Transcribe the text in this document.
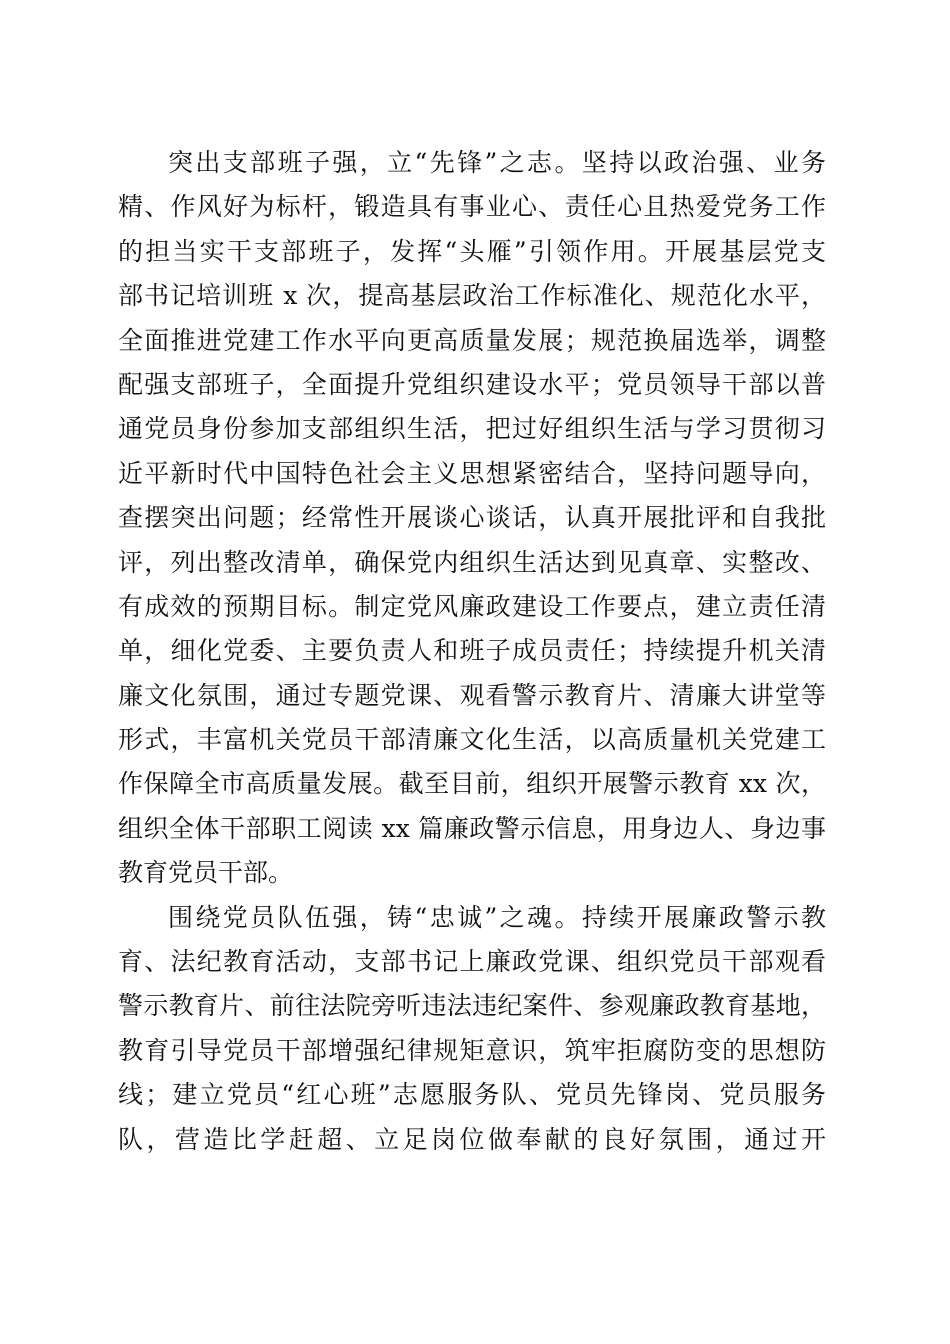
突出支部班子强，立“先锋”之志。坚持以政治强、业务
精、作风好为标杆，锻造具有事业心、责任心且热爱党务工作
的担当实干支部班子，发挥“头雁”引领作用。开展基层党支
部书记培训班 x 次，提高基层政治工作标准化、规范化水平，
全面推进党建工作水平向更高质量发展；规范换届选举，调整
配强支部班子，全面提升党组织建设水平；党员领导干部以普
通党员身份参加支部组织生活，把过好组织生活与学习贯彻习
近平新时代中国特色社会主义思想紧密结合，坚持问题导向，
查摆突出问题；经常性开展谈心谈话，认真开展批评和自我批
评，列出整改清单，确保党内组织生活达到见真章、实整改、
有成效的预期目标。制定党风廉政建设工作要点，建立责任清
单，细化党委、主要负责人和班子成员责任；持续提升机关清
廉文化氛围，通过专题党课、观看警示教育片、清廉大讲堂等
形式，丰富机关党员干部清廉文化生活，以高质量机关党建工
作保障全市高质量发展。截至目前，组织开展警示教育 xx 次，
组织全体干部职工阅读 xx 篇廉政警示信息，用身边人、身边事
教育党员干部。
围绕党员队伍强，铸“忠诚”之魂。持续开展廉政警示教
育、法纪教育活动，支部书记上廉政党课、组织党员干部观看
警示教育片、前往法院旁听违法违纪案件、参观廉政教育基地，
教育引导党员干部增强纪律规矩意识，筑牢拒腐防变的思想防
线；建立党员“红心班”志愿服务队、党员先锋岗、党员服务
队，营造比学赶超、立足岗位做奉献的良好氛围，通过开
